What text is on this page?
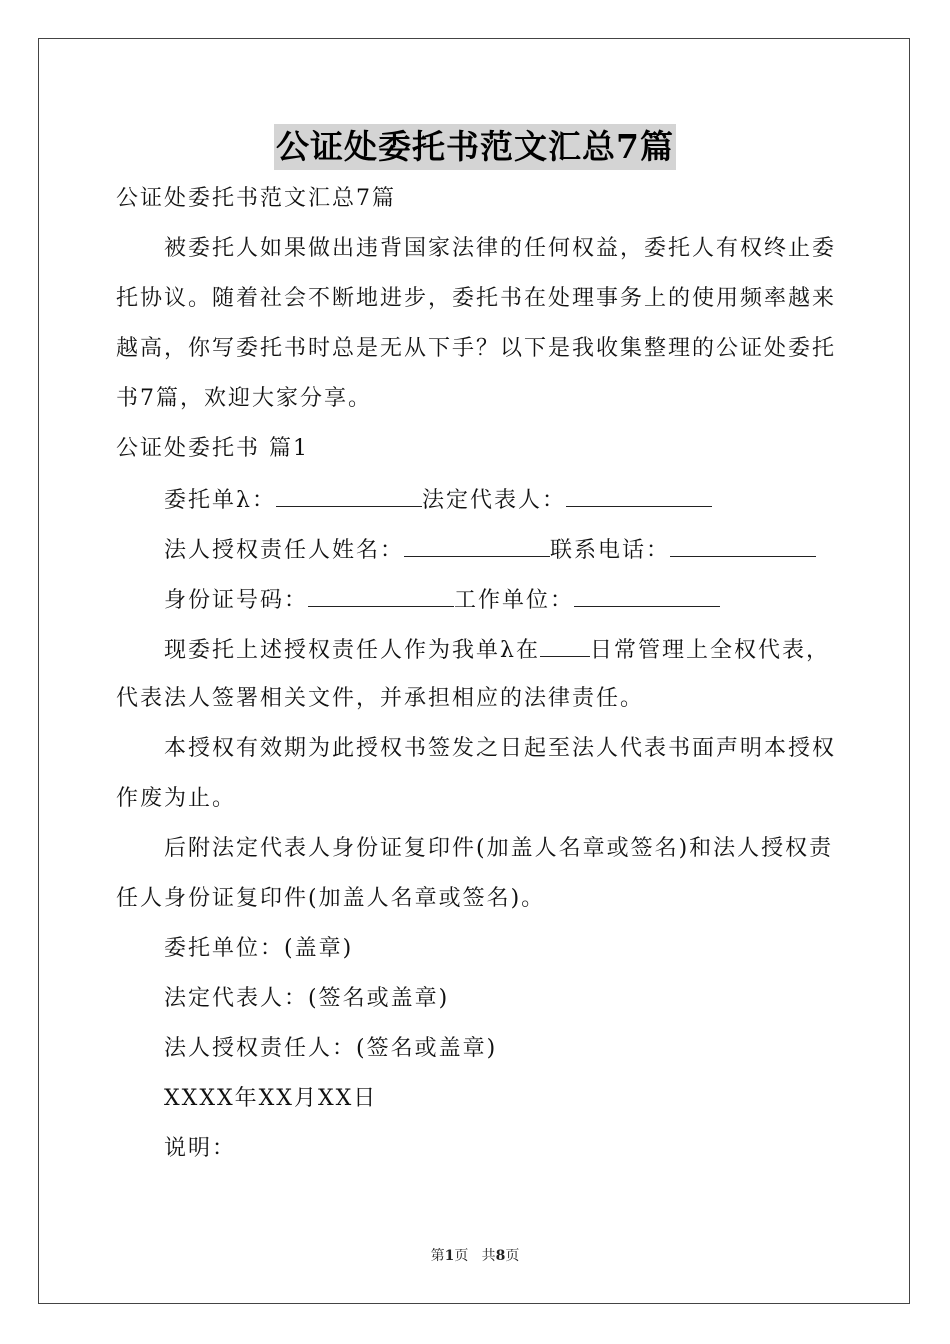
公证处委托书范文汇总7篇
公证处委托书范文汇总7篇
被委托人如果做出违背国家法律的任何权益，委托人有权终止委
托协议。随着社会不断地进步，委托书在处理事务上的使用频率越来
越高，你写委托书时总是无从下手？以下是我收集整理的公证处委托
书7篇，欢迎大家分享。
公证处委托书 篇1
委托单λ：	法定代表人：
法人授权责任人姓名：	联系电话：
身份证号码：	工作单位：
现委托上述授权责任人作为我单λ在 日常管理上全权代表，
代表法人签署相关文件，并承担相应的法律责任。
本授权有效期为此授权书签发之日起至法人代表书面声明本授权
作废为止。
后附法定代表人身份证复印件(加盖人名章或签名)和法人授权责
任人身份证复印件(加盖人名章或签名)。
委托单位：(盖章)
法定代表人：(签名或盖章)
法人授权责任人：(签名或盖章)
XXXX年XX月XX日
说明：
第1页 共8页
